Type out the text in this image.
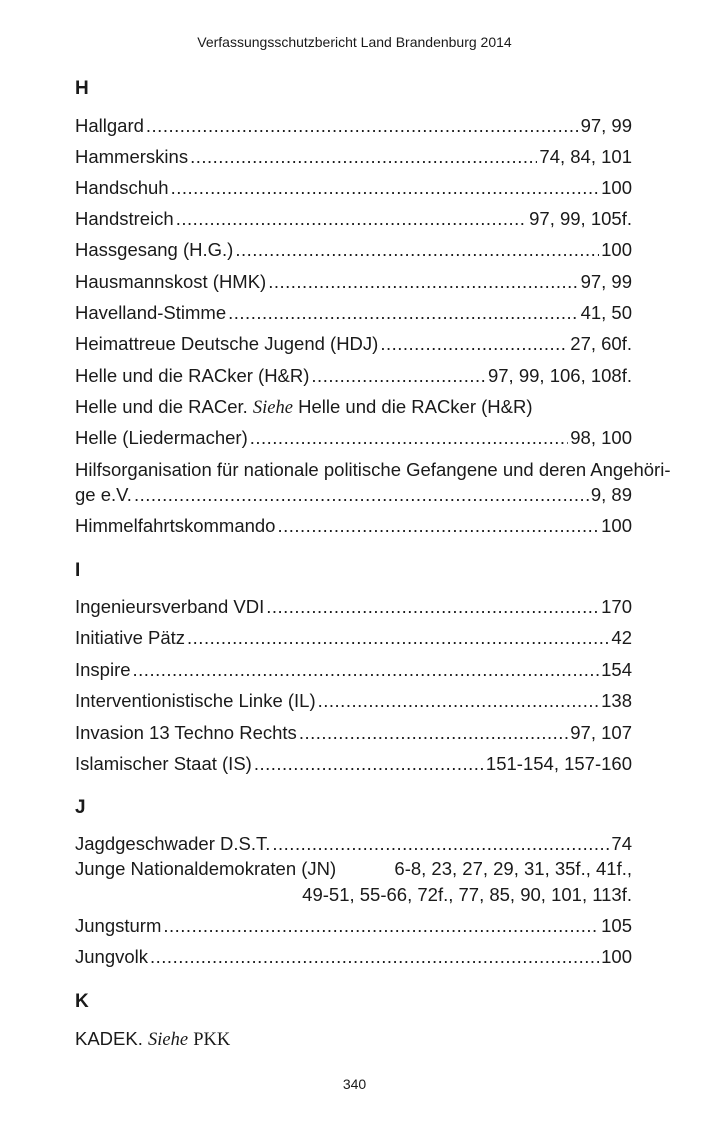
Verfassungsschutzbericht Land Brandenburg 2014
H
Hallgard .....	97, 99
Hammerskins .....	74, 84, 101
Handschuh .....	100
Handstreich .....	97, 99, 105f.
Hassgesang (H.G.) .....	100
Hausmannskost (HMK) .....	97, 99
Havelland-Stimme .....	41, 50
Heimattreue Deutsche Jugend (HDJ) .....	27, 60f.
Helle und die RACker (H&R) .....	97, 99, 106, 108f.
Helle und die RACer. Siehe Helle und die RACker (H&R)
Helle (Liedermacher) .....	98, 100
Hilfsorganisation für nationale politische Gefangene und deren Angehöri-
ge e.V. .....	9, 89
Himmelfahrtskommando .....	100
I
Ingenieursverband VDI .....	170
Initiative Pätz .....	42
Inspire .....	154
Interventionistische Linke (IL) .....	138
Invasion 13 Techno Rechts .....	97, 107
Islamischer Staat (IS) .....	151-154, 157-160
J
Jagdgeschwader D.S.T. .....	74
Junge Nationaldemokraten (JN)	6-8, 23, 27, 29, 31, 35f., 41f.,
49-51, 55-66, 72f., 77, 85, 90, 101, 113f.
Jungsturm .....	105
Jungvolk .....	100
K
KADEK. Siehe PKK
340
